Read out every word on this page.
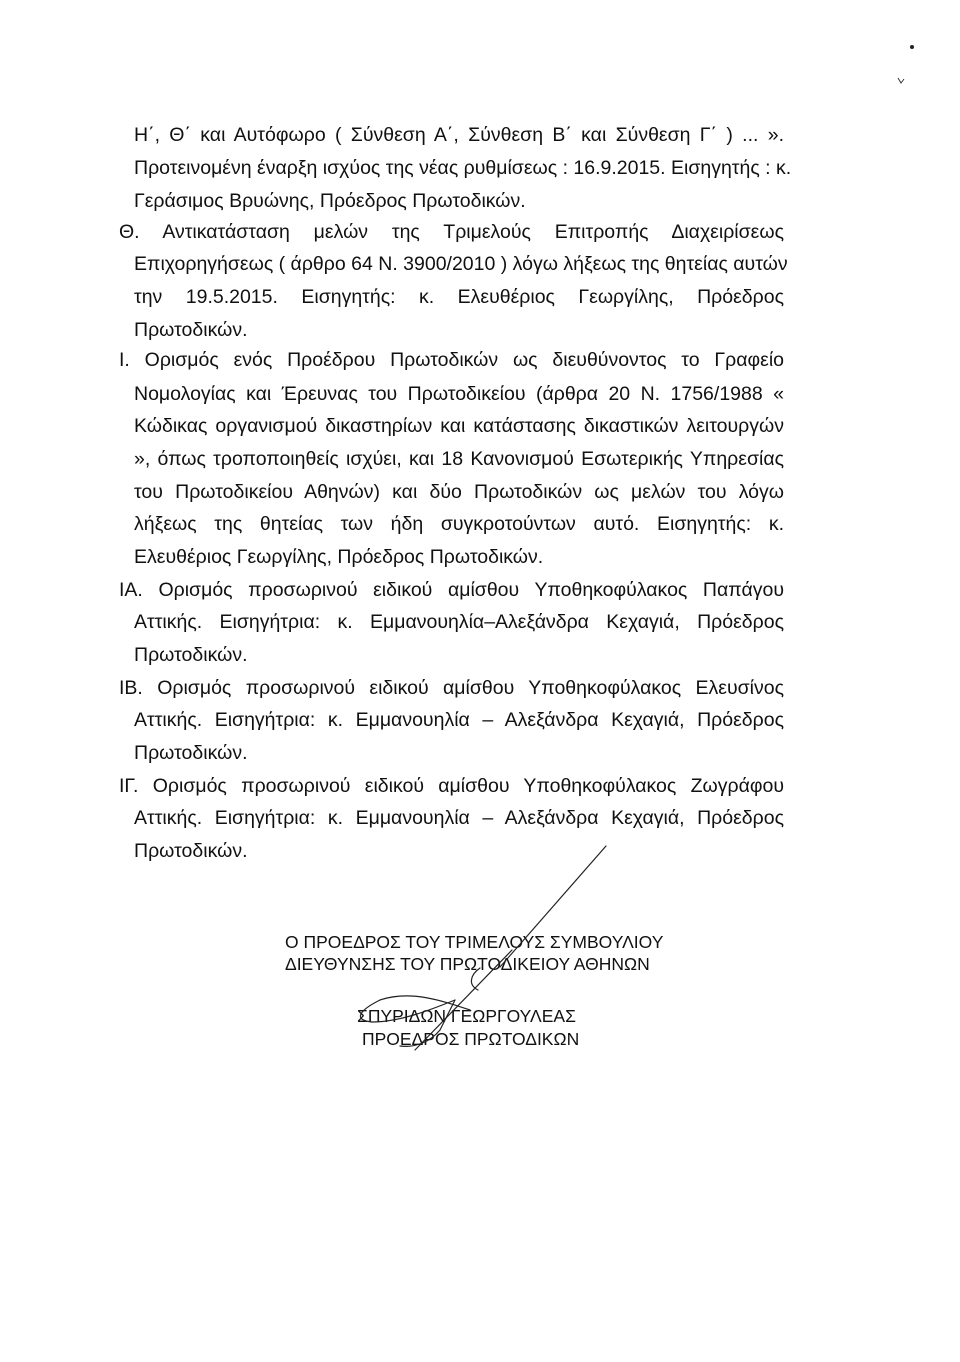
Η΄, Θ΄ και Αυτόφωρο ( Σύνθεση Α΄, Σύνθεση Β΄ και Σύνθεση Γ΄ ) ... ».
Προτεινομένη έναρξη ισχύος της νέας ρυθμίσεως : 16.9.2015. Εισηγητής : κ.
Γεράσιμος Βρυώνης, Πρόεδρος Πρωτοδικών.
Θ. Αντικατάσταση μελών της Τριμελούς Επιτροπής Διαχειρίσεως
Επιχορηγήσεως ( άρθρο 64 Ν. 3900/2010 ) λόγω λήξεως της θητείας αυτών
την 19.5.2015. Εισηγητής: κ. Ελευθέριος Γεωργίλης, Πρόεδρος
Πρωτοδικών.
Ι. Ορισμός ενός Προέδρου Πρωτοδικών ως διευθύνοντος το Γραφείο
Νομολογίας και Έρευνας του Πρωτοδικείου (άρθρα 20 Ν. 1756/1988 «
Κώδικας οργανισμού δικαστηρίων και κατάστασης δικαστικών λειτουργών
», όπως τροποποιηθείς ισχύει, και 18 Κανονισμού Εσωτερικής Υπηρεσίας
του Πρωτοδικείου Αθηνών) και δύο Πρωτοδικών ως μελών του λόγω
λήξεως της θητείας των ήδη συγκροτούντων αυτό. Εισηγητής: κ.
Ελευθέριος Γεωργίλης, Πρόεδρος Πρωτοδικών.
ΙΑ. Ορισμός προσωρινού ειδικού αμίσθου Υποθηκοφύλακος Παπάγου
Αττικής. Εισηγήτρια: κ. Εμμανουηλία–Αλεξάνδρα Κεχαγιά, Πρόεδρος
Πρωτοδικών.
ΙΒ. Ορισμός προσωρινού ειδικού αμίσθου Υποθηκοφύλακος Ελευσίνος
Αττικής. Εισηγήτρια: κ. Εμμανουηλία – Αλεξάνδρα Κεχαγιά, Πρόεδρος
Πρωτοδικών.
ΙΓ. Ορισμός προσωρινού ειδικού αμίσθου Υποθηκοφύλακος Ζωγράφου
Αττικής. Εισηγήτρια: κ. Εμμανουηλία – Αλεξάνδρα Κεχαγιά, Πρόεδρος
Πρωτοδικών.
Ο ΠΡΟΕΔΡΟΣ ΤΟΥ ΤΡΙΜΕΛΟΥΣ ΣΥΜΒΟΥΛΙΟΥ
ΔΙΕΥΘΥΝΣΗΣ ΤΟΥ ΠΡΩΤΟΔΙΚΕΙΟΥ ΑΘΗΝΩΝ
ΣΠΥΡΙΔΩΝ ΓΕΩΡΓΟΥΛΕΑΣ
ΠΡΟΕΔΡΟΣ ΠΡΩΤΟΔΙΚΩΝ
